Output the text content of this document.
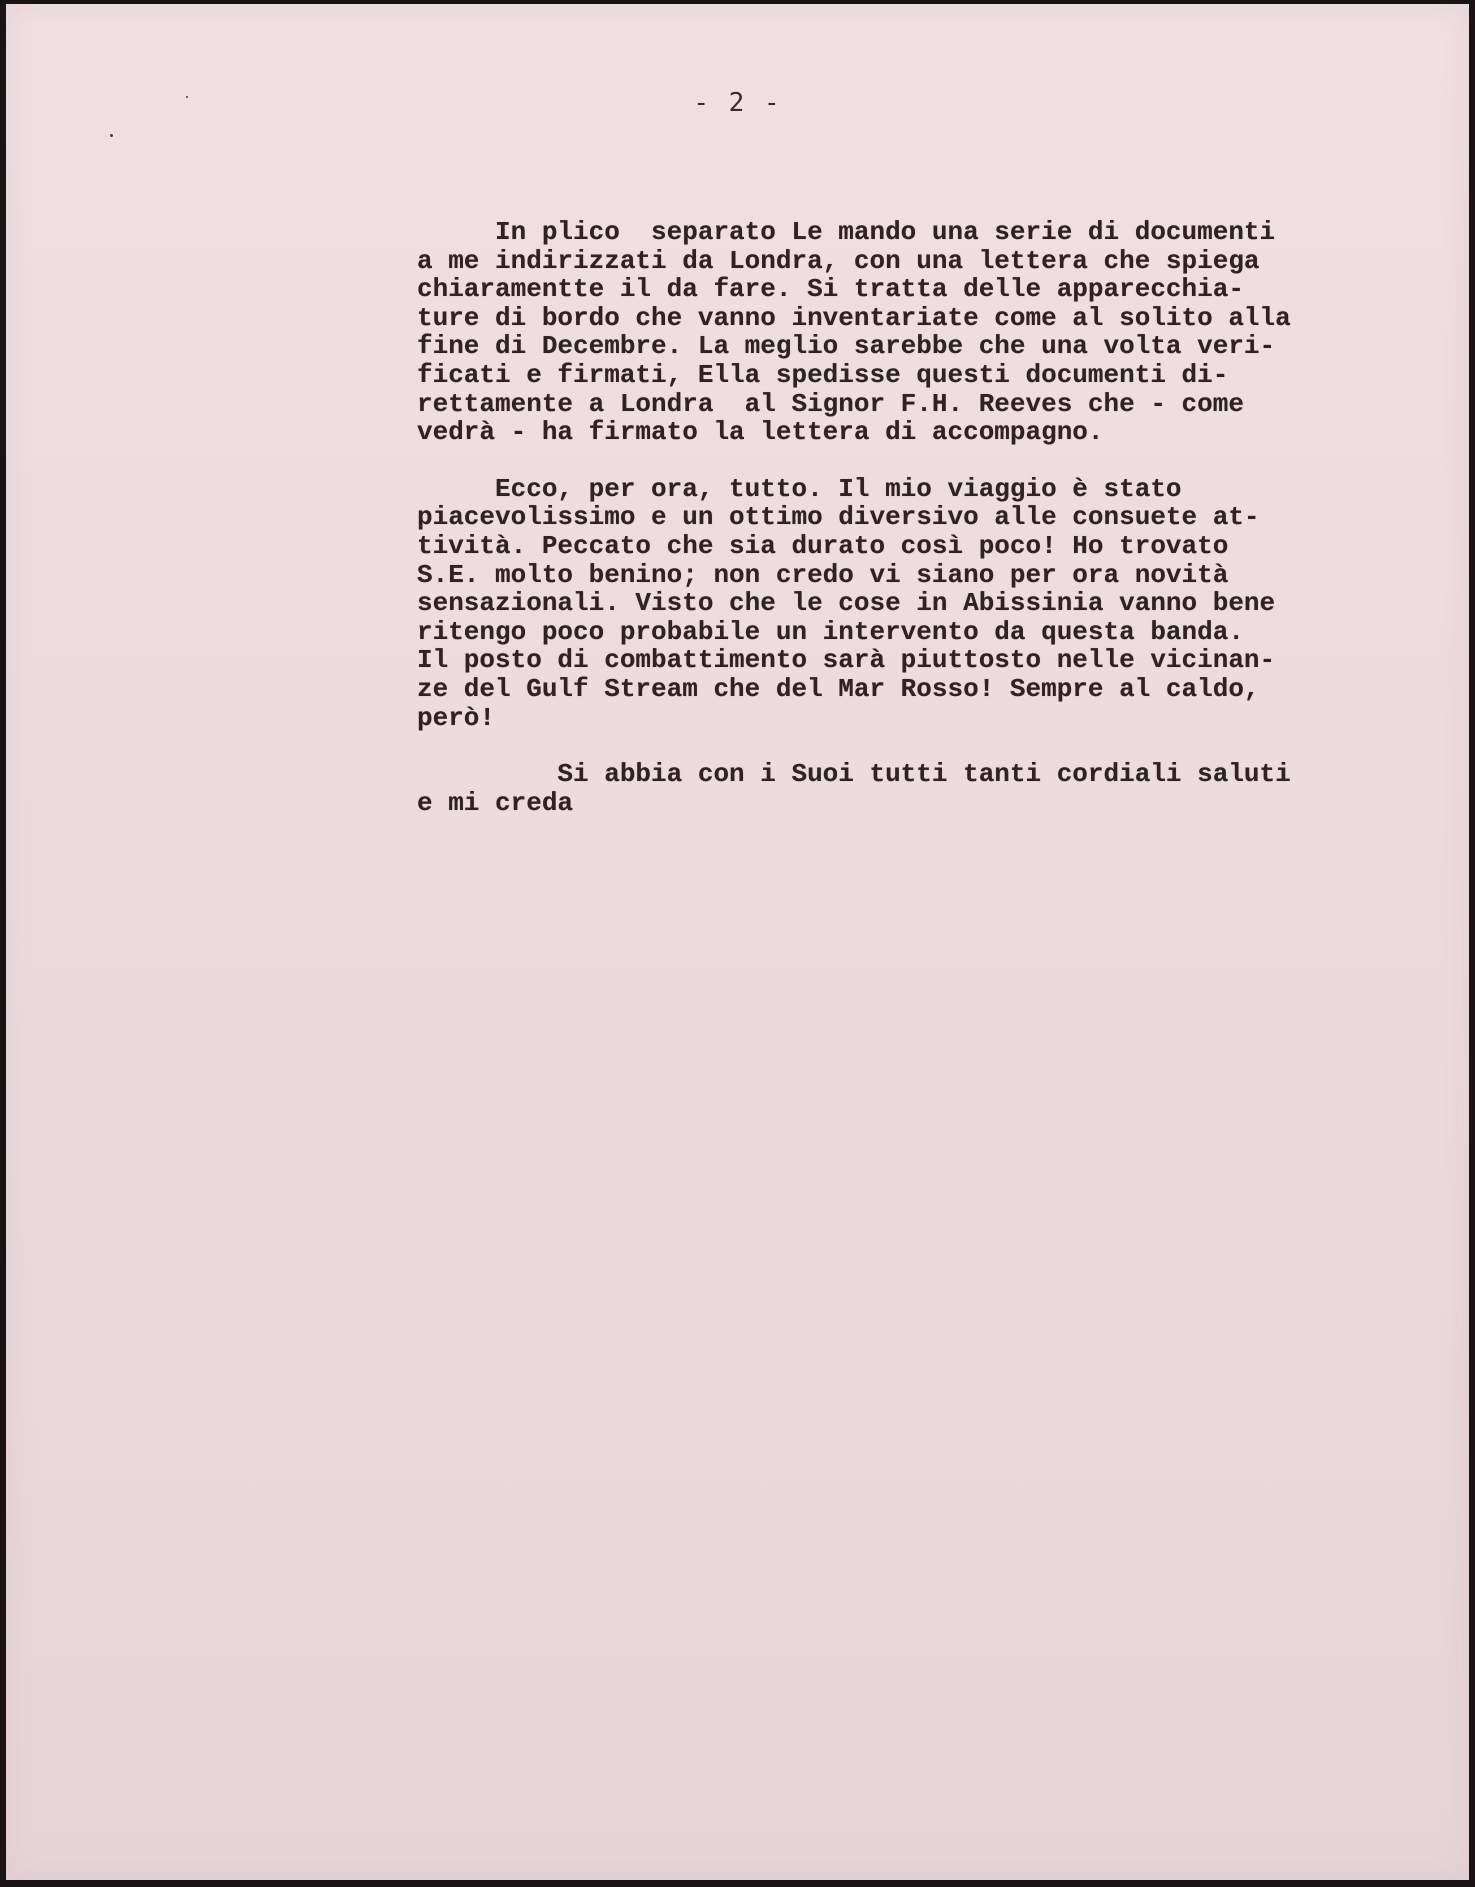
- 2 -

In plico  separato Le mando una serie di documenti
a me indirizzati da Londra, con una lettera che spiega
chiaramentte il da fare. Si tratta delle apparecchia-
ture di bordo che vanno inventariate come al solito alla
fine di Decembre. La meglio sarebbe che una volta veri-
ficati e firmati, Ella spedisse questi documenti di-
rettamente a Londra  al Signor F.H. Reeves che - come
vedrà - ha firmato la lettera di accompagno.

Ecco, per ora, tutto. Il mio viaggio è stato
piacevolissimo e un ottimo diversivo alle consuete at-
tività. Peccato che sia durato così poco! Ho trovato
S.E. molto benino; non credo vi siano per ora novità
sensazionali. Visto che le cose in Abissinia vanno bene
ritengo poco probabile un intervento da questa banda.
Il posto di combattimento sarà piuttosto nelle vicinan-
ze del Gulf Stream che del Mar Rosso! Sempre al caldo,
però!

Si abbia con i Suoi tutti tanti cordiali saluti
e mi creda
